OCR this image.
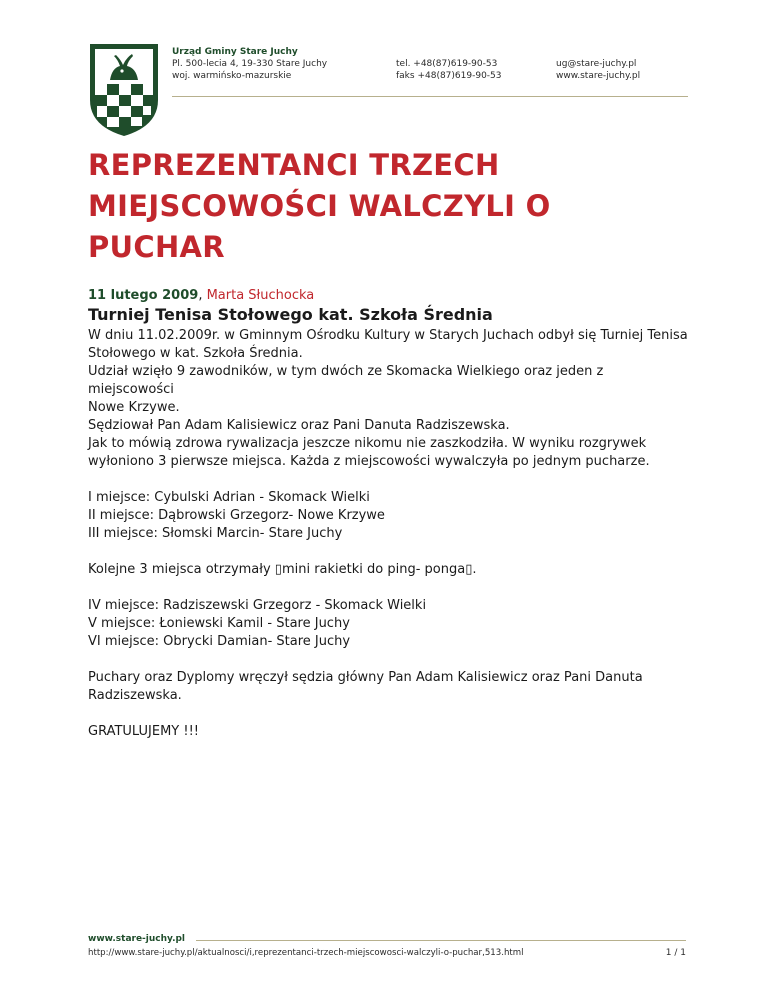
Urząd Gminy Stare Juchy
Pl. 500-lecia 4, 19-330 Stare Juchy
woj. warmińsko-mazurskie
tel. +48(87)619-90-53
faks +48(87)619-90-53
ug@stare-juchy.pl
www.stare-juchy.pl
REPREZENTANCI TRZECH
MIEJSCOWOŚCI WALCZYLI O
PUCHAR
11 lutego 2009, Marta Słuchocka
Turniej Tenisa Stołowego kat. Szkoła Średnia

W dniu 11.02.2009r. w Gminnym Ośrodku Kultury w Starych Juchach odbył się Turniej Tenisa
Stołowego w kat. Szkoła Średnia.
Udział wzięło 9 zawodników, w tym dwóch ze Skomacka Wielkiego oraz jeden z miejscowości
Nowe Krzywe.
Sędziował Pan Adam Kalisiewicz oraz Pani Danuta Radziszewska.
Jak to mówią zdrowa rywalizacja jeszcze nikomu nie zaszkodziła. W wyniku rozgrywek
wyłoniono 3 pierwsze miejsca. Każda z miejscowości wywalczyła po jednym pucharze.

I miejsce: Cybulski Adrian - Skomack Wielki
II miejsce: Dąbrowski Grzegorz- Nowe Krzywe
III miejsce: Słomski Marcin- Stare Juchy

Kolejne 3 miejsca otrzymały ▯mini rakietki do ping- ponga▯.

IV miejsce: Radziszewski Grzegorz - Skomack Wielki
V miejsce: Łoniewski Kamil - Stare Juchy
VI miejsce: Obrycki Damian- Stare Juchy

Puchary oraz Dyplomy wręczył sędzia główny Pan Adam Kalisiewicz oraz Pani Danuta
Radziszewska.

GRATULUJEMY !!!

www.stare-juchy.pl
http://www.stare-juchy.pl/aktualnosci/i,reprezentanci-trzech-miejscowosci-walczyli-o-puchar,513.html	1 / 1
